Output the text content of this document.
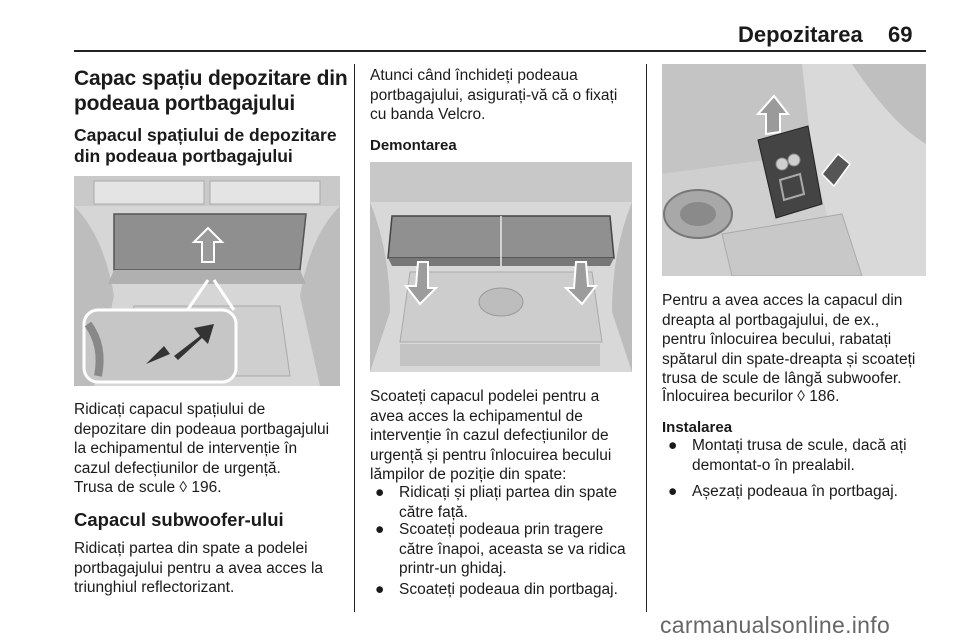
Depozitarea 69
Capac spațiu depozitare din
podeaua portbagajului
Capacul spațiului de depozitare
din podeaua portbagajului
Ridicați capacul spațiului de
depozitare din podeaua portbagajului
la echipamentul de intervenție în
cazul defecțiunilor de urgență.
Trusa de scule ◊ 196.
Capacul subwoofer-ului
Ridicați partea din spate a podelei
portbagajului pentru a avea acces la
triunghiul reflectorizant.
Atunci când închideți podeaua
portbagajului, asigurați-vă că o fixați
cu banda Velcro.
Demontarea
Scoateți capacul podelei pentru a
avea acces la echipamentul de
intervenție în cazul defecțiunilor de
urgență și pentru înlocuirea becului
lămpilor de poziție din spate:
● Ridicați și pliați partea din spate
către față.
● Scoateți podeaua prin tragere
către înapoi, aceasta se va ridica
printr-un ghidaj.
● Scoateți podeaua din portbagaj.
Pentru a avea acces la capacul din
dreapta al portbagajului, de ex.,
pentru înlocuirea becului, rabatați
spătarul din spate-dreapta și scoateți
trusa de scule de lângă subwoofer.
Înlocuirea becurilor ◊ 186.
Instalarea
● Montați trusa de scule, dacă ați
demontat-o în prealabil.
● Așezați podeaua în portbagaj.
carmanualsonline.info
